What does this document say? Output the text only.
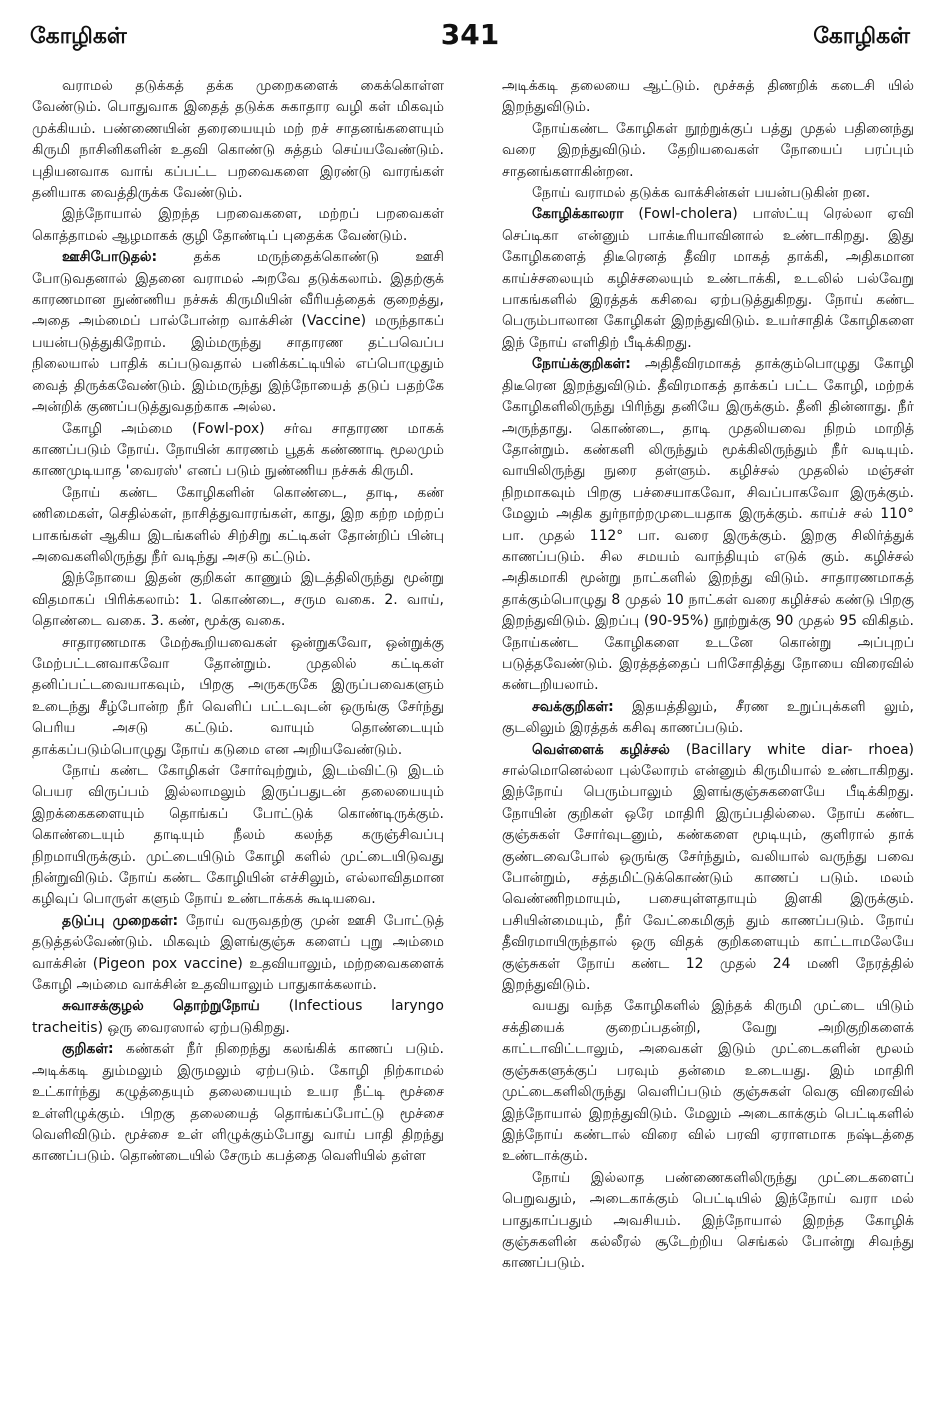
கோழிகள்	341	கோழிகள்

வராமல் தடுக்கத் தக்க முறைகளைக் கைக்கொள்ள வேண்டும். பொதுவாக இதைத் தடுக்க சுகாதார வழி கள் மிகவும் முக்கியம். பண்ணையின் தரையையும் மற் றச் சாதனங்களையும் கிருமி நாசினிகளின் உதவி கொண்டு சுத்தம் செய்யவேண்டும். புதியனவாக வாங் கப்பட்ட பறவைகளை இரண்டு வாரங்கள் தனியாக வைத்திருக்க வேண்டும்.

இந்நோயால் இறந்த பறவைகளை, மற்றப் பறவைகள் கொத்தாமல் ஆழமாகக் குழி தோண்டிப் புதைக்க வேண்டும்.

ஊசிபோடுதல்: தக்க மருந்தைக்கொண்டு ஊசி போடுவதனால் இதனை வராமல் அறவே தடுக்கலாம். இதற்குக் காரணமான நுண்ணிய நச்சுக் கிருமியின் வீரியத்தைக் குறைத்து, அதை அம்மைப் பால்போன்ற வாக்சின் (Vaccine) மருந்தாகப் பயன்படுத்துகிறோம். இம்மருந்து சாதாரண தட்பவெப்ப நிலையால் பாதிக் கப்படுவதால் பனிக்கட்டியில் எப்பொழுதும் வைத் திருக்கவேண்டும். இம்மருந்து இந்நோயைத் தடுப் பதற்கே அன்றிக் குணப்படுத்துவதற்காக அல்ல.

கோழி அம்மை (Fowl-pox) சர்வ சாதாரண மாகக் காணப்படும் நோய். நோயின் காரணம் பூதக் கண்ணாடி மூலமும் காணமுடியாத 'வைரஸ்' எனப் படும் நுண்ணிய நச்சுக் கிருமி.

நோய் கண்ட கோழிகளின் கொண்டை, தாடி, கண் ணிமைகள், செதில்கள், நாசித்துவாரங்கள், காது, இற கற்ற மற்றப் பாகங்கள் ஆகிய இடங்களில் சிற்சிறு கட்டிகள் தோன்றிப் பின்பு அவைகளிலிருந்து நீர் வடிந்து அசடு கட்டும்.

இந்நோயை இதன் குறிகள் காணும் இடத்திலிருந்து மூன்று விதமாகப் பிரிக்கலாம்: 1. கொண்டை, சரும வகை. 2. வாய், தொண்டை வகை. 3. கண், மூக்கு வகை.

சாதாரணமாக மேற்கூறியவைகள் ஒன்றுகவோ, ஒன்றுக்கு மேற்பட்டனவாகவோ தோன்றும். முதலில் கட்டிகள் தனிப்பட்டவையாகவும், பிறகு அருகருகே இருப்பவைகளும் உடைந்து சீழ்போன்ற நீர் வெளிப் பட்டவுடன் ஒருங்கு சேர்ந்து பெரிய அசடு கட்டும். வாயும் தொண்டையும் தாக்கப்படும்பொழுது நோய் கடுமை என அறியவேண்டும்.

நோய் கண்ட கோழிகள் சோர்வுற்றும், இடம்விட்டு இடம் பெயர விருப்பம் இல்லாமலும் இருப்பதுடன் தலையையும் இறக்கைகளையும் தொங்கப் போட்டுக் கொண்டிருக்கும். கொண்டையும் தாடியும் நீலம் கலந்த கருஞ்சிவப்பு நிறமாயிருக்கும். முட்டையிடும் கோழி களில் முட்டையிடுவது நின்றுவிடும். நோய் கண்ட கோழியின் எச்சிலும், எல்லாவிதமான கழிவுப் பொருள் களும் நோய் உண்டாக்கக் கூடியவை.

தடுப்பு முறைகள்: நோய் வருவதற்கு முன் ஊசி போட்டுத் தடுத்தல்வேண்டும். மிகவும் இளங்குஞ்சு களைப் புறு அம்மை வாக்சின் (Pigeon pox vaccine) உதவியாலும், மற்றவைகளைக் கோழி அம்மை வாக்சின் உதவியாலும் பாதுகாக்கலாம்.

சுவாசக்குழல் தொற்றுநோய் (Infectious laryngo tracheitis) ஒரு வைரஸால் ஏற்படுகிறது.

குறிகள்: கண்கள் நீர் நிறைந்து கலங்கிக் காணப் படும். அடிக்கடி தும்மலும் இருமலும் ஏற்படும். கோழி நிற்காமல் உட்கார்ந்து கழுத்தையும் தலையையும் உயர நீட்டி மூச்சை உள்ளிழுக்கும். பிறகு தலையைத் தொங்கப்போட்டு மூச்சை வெளிவிடும். மூச்சை உள் ளிழுக்கும்போது வாய் பாதி திறந்து காணப்படும். தொண்டையில் சேரும் கபத்தை வெளியில் தள்ள

அடிக்கடி தலையை ஆட்டும். மூச்சுத் திணறிக் கடைசி யில் இறந்துவிடும்.

நோய்கண்ட கோழிகள் நூற்றுக்குப் பத்து முதல் பதினைந்து வரை இறந்துவிடும். தேறியவைகள் நோயைப் பரப்பும் சாதனங்களாகின்றன.

நோய் வராமல் தடுக்க வாக்சின்கள் பயன்படுகின் றன.

கோழிக்காலரா (Fowl-cholera) பாஸ்ட்யு ரெல்லா ஏவி செப்டிகா என்னும் பாக்டீரியாவினால் உண்டாகிறது. இது கோழிகளைத் திடீரெனத் தீவிர மாகத் தாக்கி, அதிகமான காய்ச்சலையும் கழிச்சலையும் உண்டாக்கி, உடலில் பல்வேறு பாகங்களில் இரத்தக் கசிவை ஏற்படுத்துகிறது. நோய் கண்ட பெரும்பாலான கோழிகள் இறந்துவிடும். உயர்சாதிக் கோழிகளை இந் நோய் எளிதிற் பீடிக்கிறது.

நோய்க்குறிகள்: அதிதீவிரமாகத் தாக்கும்பொழுது கோழி திடீரென இறந்துவிடும். தீவிரமாகத் தாக்கப் பட்ட கோழி, மற்றக் கோழிகளிலிருந்து பிரிந்து தனியே இருக்கும். தீனி தின்னாது. நீர் அருந்தாது. கொண்டை, தாடி முதலியவை நிறம் மாறித் தோன்றும். கண்களி லிருந்தும் மூக்கிலிருந்தும் நீர் வடியும். வாயிலிருந்து நுரை தள்ளும். கழிச்சல் முதலில் மஞ்சள் நிறமாகவும் பிறகு பச்சையாகவோ, சிவப்பாகவோ இருக்கும். மேலும் அதிக துர்நாற்றமுடையதாக இருக்கும். காய்ச் சல் 110° பா. முதல் 112° பா. வரை இருக்கும். இறகு சிலிர்த்துக் காணப்படும். சில சமயம் வாந்தியும் எடுக் கும். கழிச்சல் அதிகமாகி மூன்று நாட்களில் இறந்து விடும். சாதாரணமாகத் தாக்கும்பொழுது 8 முதல் 10 நாட்கள் வரை கழிச்சல் கண்டு பிறகு இறந்துவிடும். இறப்பு (90-95%) நூற்றுக்கு 90 முதல் 95 விகிதம். நோய்கண்ட கோழிகளை உடனே கொன்று அப்புறப் படுத்தவேண்டும். இரத்தத்தைப் பரிசோதித்து நோயை விரைவில் கண்டறியலாம்.

சவக்குறிகள்: இதயத்திலும், சீரண உறுப்புக்களி லும், குடலிலும் இரத்தக் கசிவு காணப்படும்.

வெள்ளைக் கழிச்சல் (Bacillary white diar- rhoea) சால்மொனெல்லா புல்லோரம் என்னும் கிருமியால் உண்டாகிறது. இந்நோய் பெரும்பாலும் இளங்குஞ்சுகளையே பீடிக்கிறது. நோயின் குறிகள் ஒரே மாதிரி இருப்பதில்லை. நோய் கண்ட குஞ்சுகள் சோர்வுடனும், கண்களை மூடியும், குளிரால் தாக் குண்டவைபோல் ஒருங்கு சேர்ந்தும், வலியால் வருந்து பவை போன்றும், சத்தமிட்டுக்கொண்டும் காணப் படும். மலம் வெண்ணிறமாயும், பசையுள்ளதாயும் இளகி இருக்கும். பசியின்மையும், நீர் வேட்கைமிகுந் தும் காணப்படும். நோய் தீவிரமாயிருந்தால் ஒரு விதக் குறிகளையும் காட்டாமலேயே குஞ்சுகள் நோய் கண்ட 12 முதல் 24 மணி நேரத்தில் இறந்துவிடும்.

வயது வந்த கோழிகளில் இந்தக் கிருமி முட்டை யிடும் சக்தியைக் குறைப்பதன்றி, வேறு அறிகுறிகளைக் காட்டாவிட்டாலும், அவைகள் இடும் முட்டைகளின் மூலம் குஞ்சுகளுக்குப் பரவும் தன்மை உடையது. இம் மாதிரி முட்டைகளிலிருந்து வெளிப்படும் குஞ்சுகள் வெகு விரைவில் இந்நோயால் இறந்துவிடும். மேலும் அடைகாக்கும் பெட்டிகளில் இந்நோய் கண்டால் விரை வில் பரவி ஏராளமாக நஷ்டத்தை உண்டாக்கும்.

நோய் இல்லாத பண்ணைகளிலிருந்து முட்டைகளைப் பெறுவதும், அடைகாக்கும் பெட்டியில் இந்நோய் வரா மல் பாதுகாப்பதும் அவசியம். இந்நோயால் இறந்த கோழிக் குஞ்சுகளின் கல்லீரல் சூடேற்றிய செங்கல் போன்று சிவந்து காணப்படும்.
